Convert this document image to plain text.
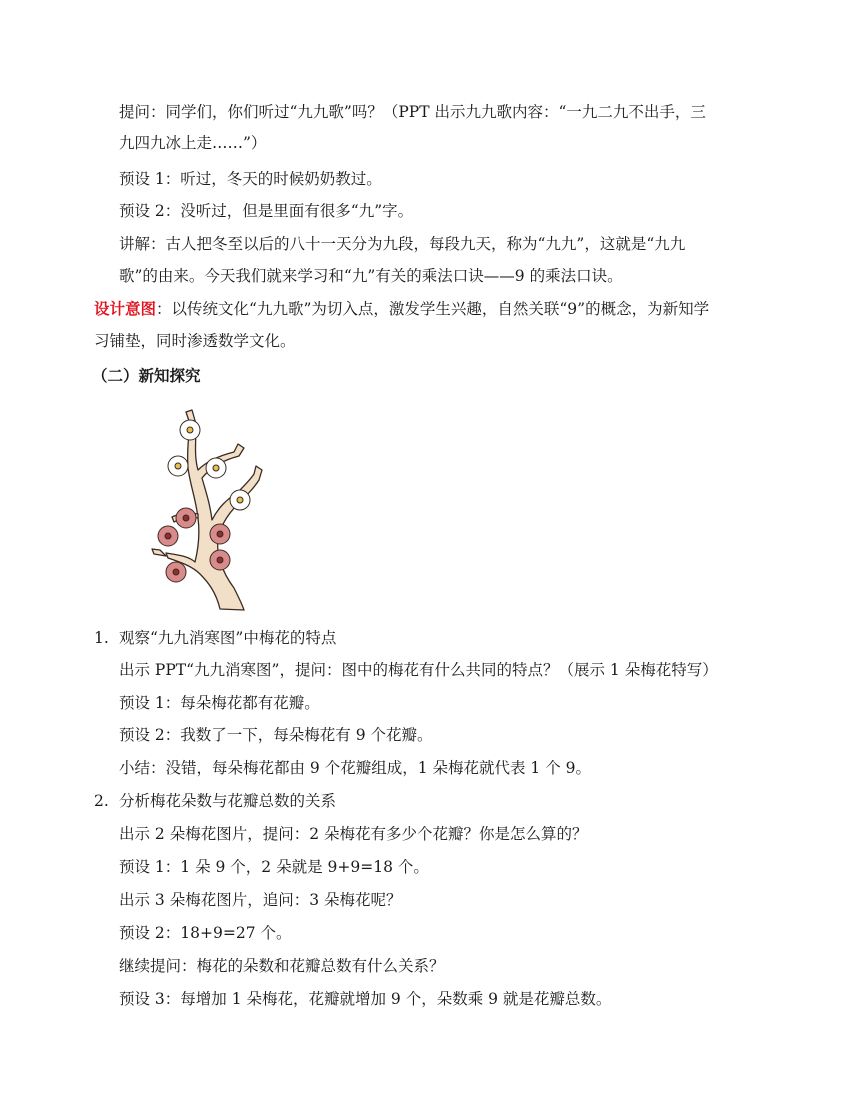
提问：同学们，你们听过“九九歌”吗？（PPT 出示九九歌内容：“一九二九不出手，三
九四九冰上走……”）
预设 1：听过，冬天的时候奶奶教过。
预设 2：没听过，但是里面有很多“九”字。
讲解：古人把冬至以后的八十一天分为九段，每段九天，称为“九九”，这就是“九九
歌”的由来。今天我们就来学习和“九”有关的乘法口诀——9 的乘法口诀。
设计意图：以传统文化“九九歌”为切入点，激发学生兴趣，自然关联“9”的概念，为新知学
习铺垫，同时渗透数学文化。
（二）新知探究
1. 观察“九九消寒图”中梅花的特点
出示 PPT“九九消寒图”，提问：图中的梅花有什么共同的特点？（展示 1 朵梅花特写）
预设 1：每朵梅花都有花瓣。
预设 2：我数了一下，每朵梅花有 9 个花瓣。
小结：没错，每朵梅花都由 9 个花瓣组成，1 朵梅花就代表 1 个 9。
2. 分析梅花朵数与花瓣总数的关系
出示 2 朵梅花图片，提问：2 朵梅花有多少个花瓣？你是怎么算的？
预设 1：1 朵 9 个，2 朵就是 9+9=18 个。
出示 3 朵梅花图片，追问：3 朵梅花呢？
预设 2：18+9=27 个。
继续提问：梅花的朵数和花瓣总数有什么关系？
预设 3：每增加 1 朵梅花，花瓣就增加 9 个，朵数乘 9 就是花瓣总数。
